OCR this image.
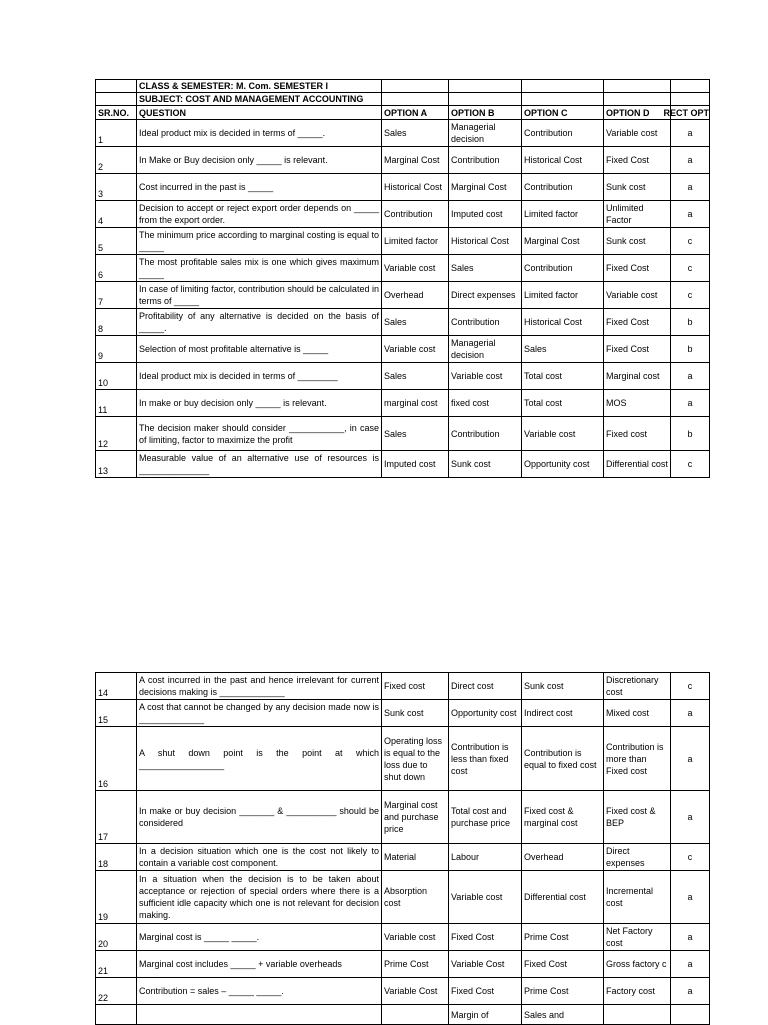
	CLASS & SEMESTER: M. Com. SEMESTER I					
	SUBJECT: COST AND MANAGEMENT ACCOUNTING					
SR.NO.	QUESTION	OPTION A	OPTION B	OPTION C	OPTION D	RECT OPT

1	Ideal product mix is decided in terms of _____.	Sales	Managerial decision	Contribution	Variable cost	a
2	In Make or Buy decision only _____ is relevant.	Marginal Cost	Contribution	Historical Cost	Fixed Cost	a
3	Cost incurred in the past is _____	Historical Cost	Marginal Cost	Contribution	Sunk cost	a
4	Decision to accept or reject export order depends on _____ from the export order.	Contribution	Imputed cost	Limited factor	Unlimited Factor	a
5	The minimum price according to marginal costing is equal to _____	Limited factor	Historical Cost	Marginal Cost	Sunk cost	c
6	The most profitable sales mix is one which gives maximum _____	Variable cost	Sales	Contribution	Fixed Cost	c
7	In case of limiting factor, contribution should be calculated in terms of _____	Overhead	Direct expenses	Limited factor	Variable cost	c
8	Profitability of any alternative is decided on the basis of _____.	Sales	Contribution	Historical Cost	Fixed Cost	b
9	Selection of most profitable alternative is _____	Variable cost	Managerial decision	Sales	Fixed Cost	b
10	Ideal product mix is decided in terms of ________	Sales	Variable cost	Total cost	Marginal cost	a
11	In make or buy decision only _____ is relevant.	marginal cost	fixed cost	Total cost	MOS	a
12	The decision maker should consider ___________, in case of limiting, factor to maximize the profit	Sales	Contribution	Variable cost	Fixed cost	b
13	Measurable value of an alternative use of resources is ______________	Imputed cost	Sunk cost	Opportunity cost	Differential cost	c
14	A cost incurred in the past and hence irrelevant for current decisions making is _____________	Fixed cost	Direct cost	Sunk cost	Discretionary cost	c
15	A cost that cannot be changed by any decision made now is _____________	Sunk cost	Opportunity cost	Indirect cost	Mixed cost	a
16	A shut down point is the point at which _________________	Operating loss is equal to the loss due to shut down	Contribution is less than fixed cost	Contribution is equal to fixed cost	Contribution is more than Fixed cost	a
17	In make or buy decision _______ & __________ should be considered	Marginal cost and purchase price	Total cost and purchase price	Fixed cost & marginal cost	Fixed cost & BEP	a
18	In a decision situation which one is the cost not likely to contain a variable cost component.	Material	Labour	Overhead	Direct expenses	c
19	In a situation when the decision is to be taken about acceptance or rejection of special orders where there is a sufficient idle capacity which one is not relevant for decision making.	Absorption cost	Variable cost	Differential cost	Incremental cost	a
20	Marginal cost is _____ _____.	Variable cost	Fixed Cost	Prime Cost	Net Factory cost	a
21	Marginal cost includes _____ + variable overheads	Prime Cost	Variable Cost	Fixed Cost	Gross factory c	a
22	Contribution = sales – _____ _____.	Variable Cost	Fixed Cost	Prime Cost	Factory cost	a
			Margin of	Sales and		
